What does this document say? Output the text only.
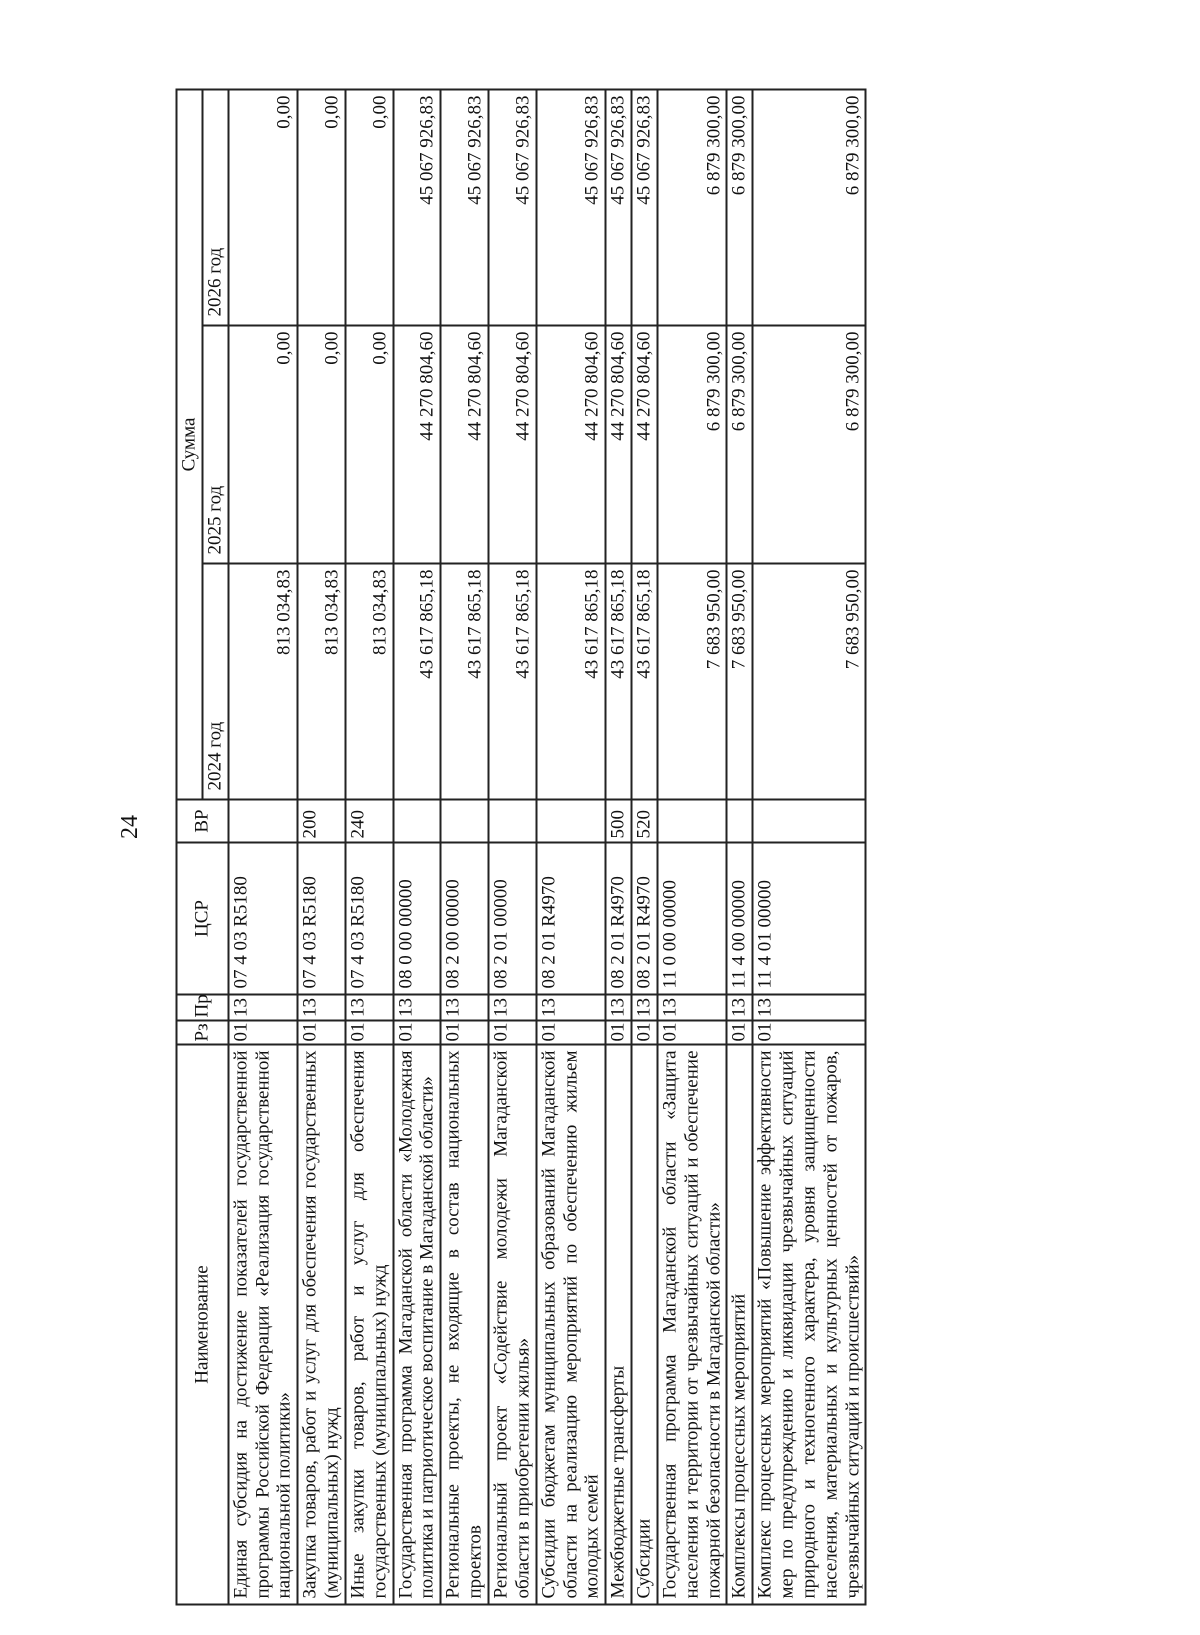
24
Наименование	Рз	Пр	ЦСР	ВР	Сумма		
					2024 год	2025 год	2026 год
Единая субсидия на достижение показателей государственной программы Российской Федерации «Реализация государственной национальной политики»	01	13	07 4 03 R5180		813 034,83	0,00	0,00
Закупка товаров, работ и услуг для обеспечения государственных (муниципальных) нужд	01	13	07 4 03 R5180	200	813 034,83	0,00	0,00
Иные закупки товаров, работ и услуг для обеспечения государственных (муниципальных) нужд	01	13	07 4 03 R5180	240	813 034,83	0,00	0,00
Государственная программа Магаданской области «Молодежная политика и патриотическое воспитание в Магаданской области»	01	13	08 0 00 00000		43 617 865,18	44 270 804,60	45 067 926,83
Региональные проекты, не входящие в состав национальных проектов	01	13	08 2 00 00000		43 617 865,18	44 270 804,60	45 067 926,83
Региональный проект «Содействие молодежи Магаданской области в приобретении жилья»	01	13	08 2 01 00000		43 617 865,18	44 270 804,60	45 067 926,83
Субсидии бюджетам муниципальных образований Магаданской области на реализацию мероприятий по обеспечению жильем молодых семей	01	13	08 2 01 R4970		43 617 865,18	44 270 804,60	45 067 926,83
Межбюджетные трансферты	01	13	08 2 01 R4970	500	43 617 865,18	44 270 804,60	45 067 926,83
Субсидии	01	13	08 2 01 R4970	520	43 617 865,18	44 270 804,60	45 067 926,83
Государственная программа Магаданской области «Защита населения и территории от чрезвычайных ситуаций и обеспечение пожарной безопасности в Магаданской области»	01	13	11 0 00 00000		7 683 950,00	6 879 300,00	6 879 300,00
Комплексы процессных мероприятий	01	13	11 4 00 00000		7 683 950,00	6 879 300,00	6 879 300,00
Комплекс процессных мероприятий «Повышение эффективности мер по предупреждению и ликвидации чрезвычайных ситуаций природного и техногенного характера, уровня защищенности населения, материальных и культурных ценностей от пожаров, чрезвычайных ситуаций и происшествий»	01	13	11 4 01 00000		7 683 950,00	6 879 300,00	6 879 300,00
